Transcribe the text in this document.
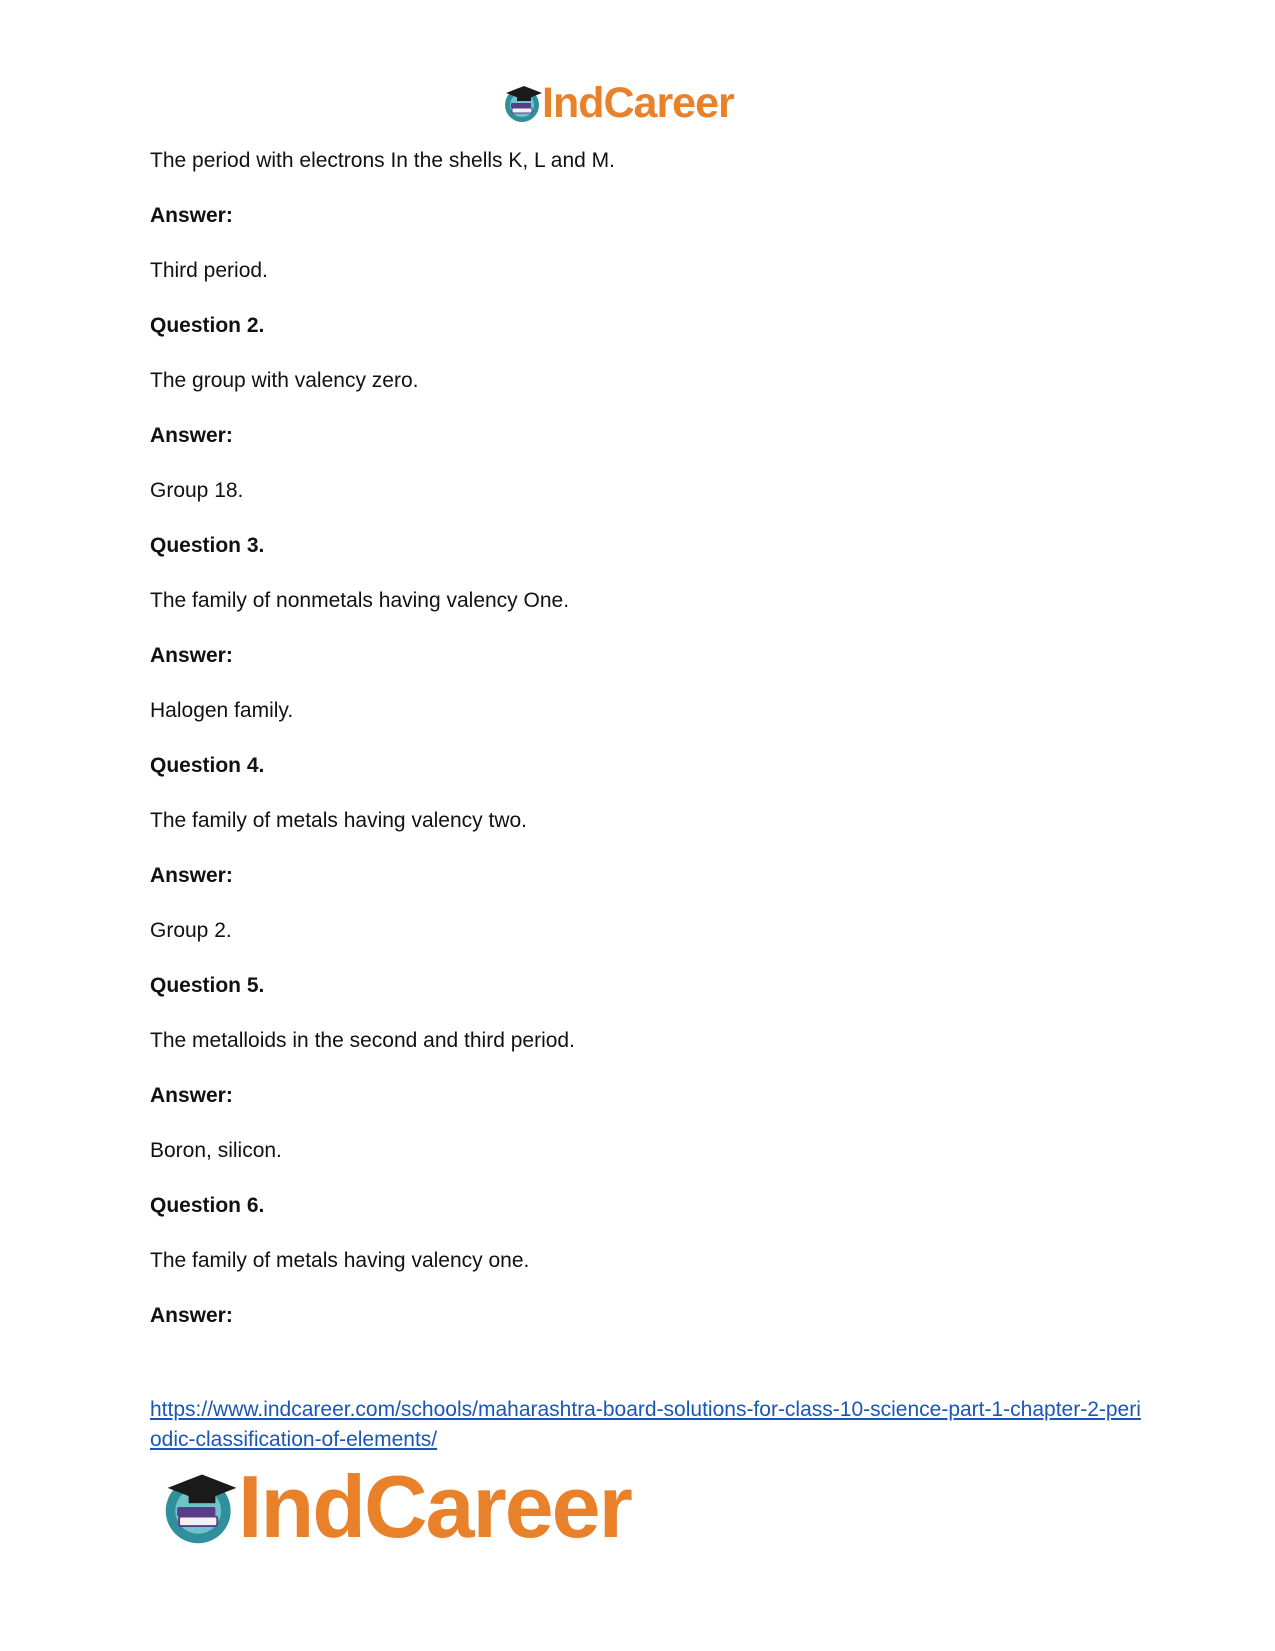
IndCareer

The period with electrons In the shells K, L and M.

Answer:

Third period.

Question 2.

The group with valency zero.

Answer:

Group 18.

Question 3.

The family of nonmetals having valency One.

Answer:

Halogen family.

Question 4.

The family of metals having valency two.

Answer:

Group 2.

Question 5.

The metalloids in the second and third period.

Answer:

Boron, silicon.

Question 6.

The family of metals having valency one.

Answer:

https://www.indcareer.com/schools/maharashtra-board-solutions-for-class-10-science-part-1-chapter-2-periodic-classification-of-elements/
IndCareer
